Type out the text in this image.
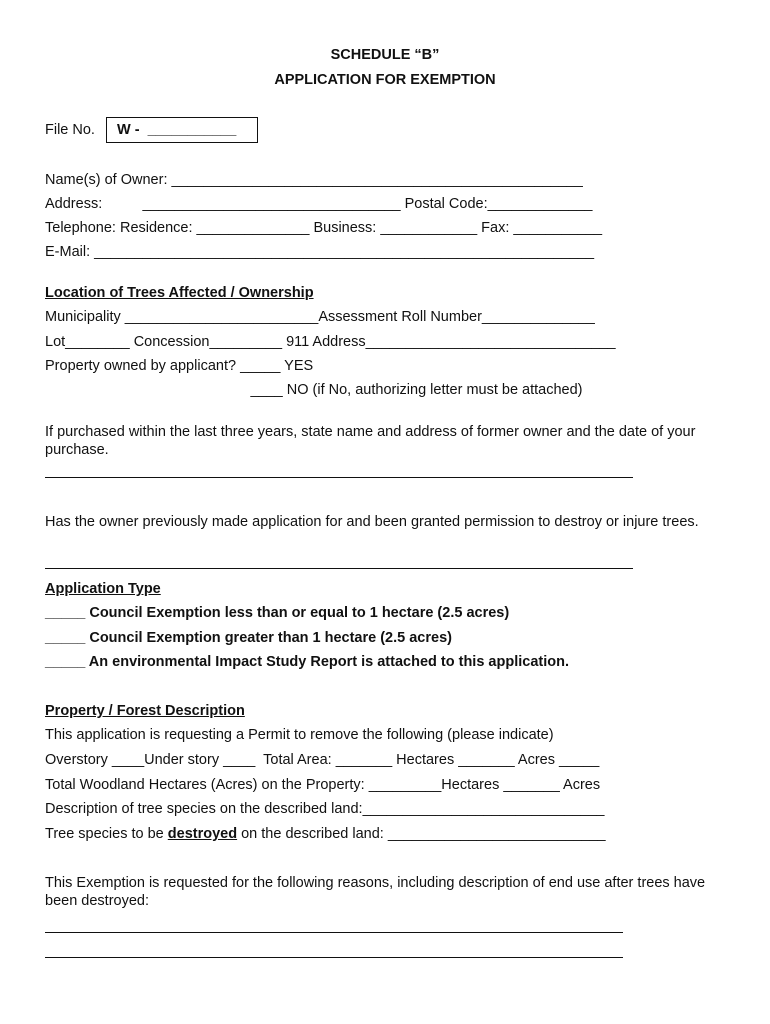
SCHEDULE “B”
APPLICATION FOR EXEMPTION
File No.	W -  ___________
Name(s) of Owner: ___________________________________________________
Address:          ________________________________ Postal Code:_____________
Telephone: Residence: ______________ Business: ____________ Fax: ___________
E-Mail: ______________________________________________________________
Location of Trees Affected / Ownership
Municipality ________________________Assessment Roll Number______________
Lot________ Concession_________ 911 Address_______________________________
Property owned by applicant? _____ YES
____ NO (if No, authorizing letter must be attached)
If purchased within the last three years, state name and address of former owner and the date of your purchase.
Has the owner previously made application for and been granted permission to destroy or injure trees.
Application Type
_____ Council Exemption less than or equal to 1 hectare (2.5 acres)
_____ Council Exemption greater than 1 hectare (2.5 acres)
_____ An environmental Impact Study Report is attached to this application.
Property / Forest Description
This application is requesting a Permit to remove the following (please indicate)
Overstory ____Under story ____  Total Area: _______ Hectares _______ Acres _____
Total Woodland Hectares (Acres) on the Property: _________Hectares _______ Acres
Description of tree species on the described land:______________________________
Tree species to be destroyed on the described land: ___________________________
This Exemption is requested for the following reasons, including description of end use after trees have been destroyed:
